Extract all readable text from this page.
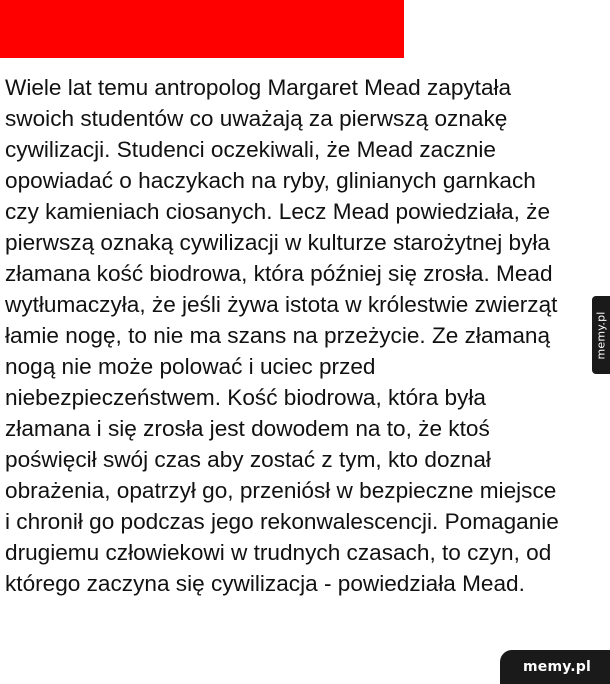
Wiele lat temu antropolog Margaret Mead zapytała
swoich studentów co uważają za pierwszą oznakę
cywilizacji. Studenci oczekiwali, że Mead zacznie
opowiadać o haczykach na ryby, glinianych garnkach
czy kamieniach ciosanych. Lecz Mead powiedziała, że
pierwszą oznaką cywilizacji w kulturze starożytnej była
złamana kość biodrowa, która później się zrosła. Mead
wytłumaczyła, że jeśli żywa istota w królestwie zwierząt
łamie nogę, to nie ma szans na przeżycie. Ze złamaną
nogą nie może polować i uciec przed
niebezpieczeństwem. Kość biodrowa, która była
złamana i się zrosła jest dowodem na to, że ktoś
poświęcił swój czas aby zostać z tym, kto doznał
obrażenia, opatrzył go, przeniósł w bezpieczne miejsce
i chronił go podczas jego rekonwalescencji. Pomaganie
drugiemu człowiekowi w trudnych czasach, to czyn, od
którego zaczyna się cywilizacja - powiedziała Mead.

memy.pl
memy.pl
